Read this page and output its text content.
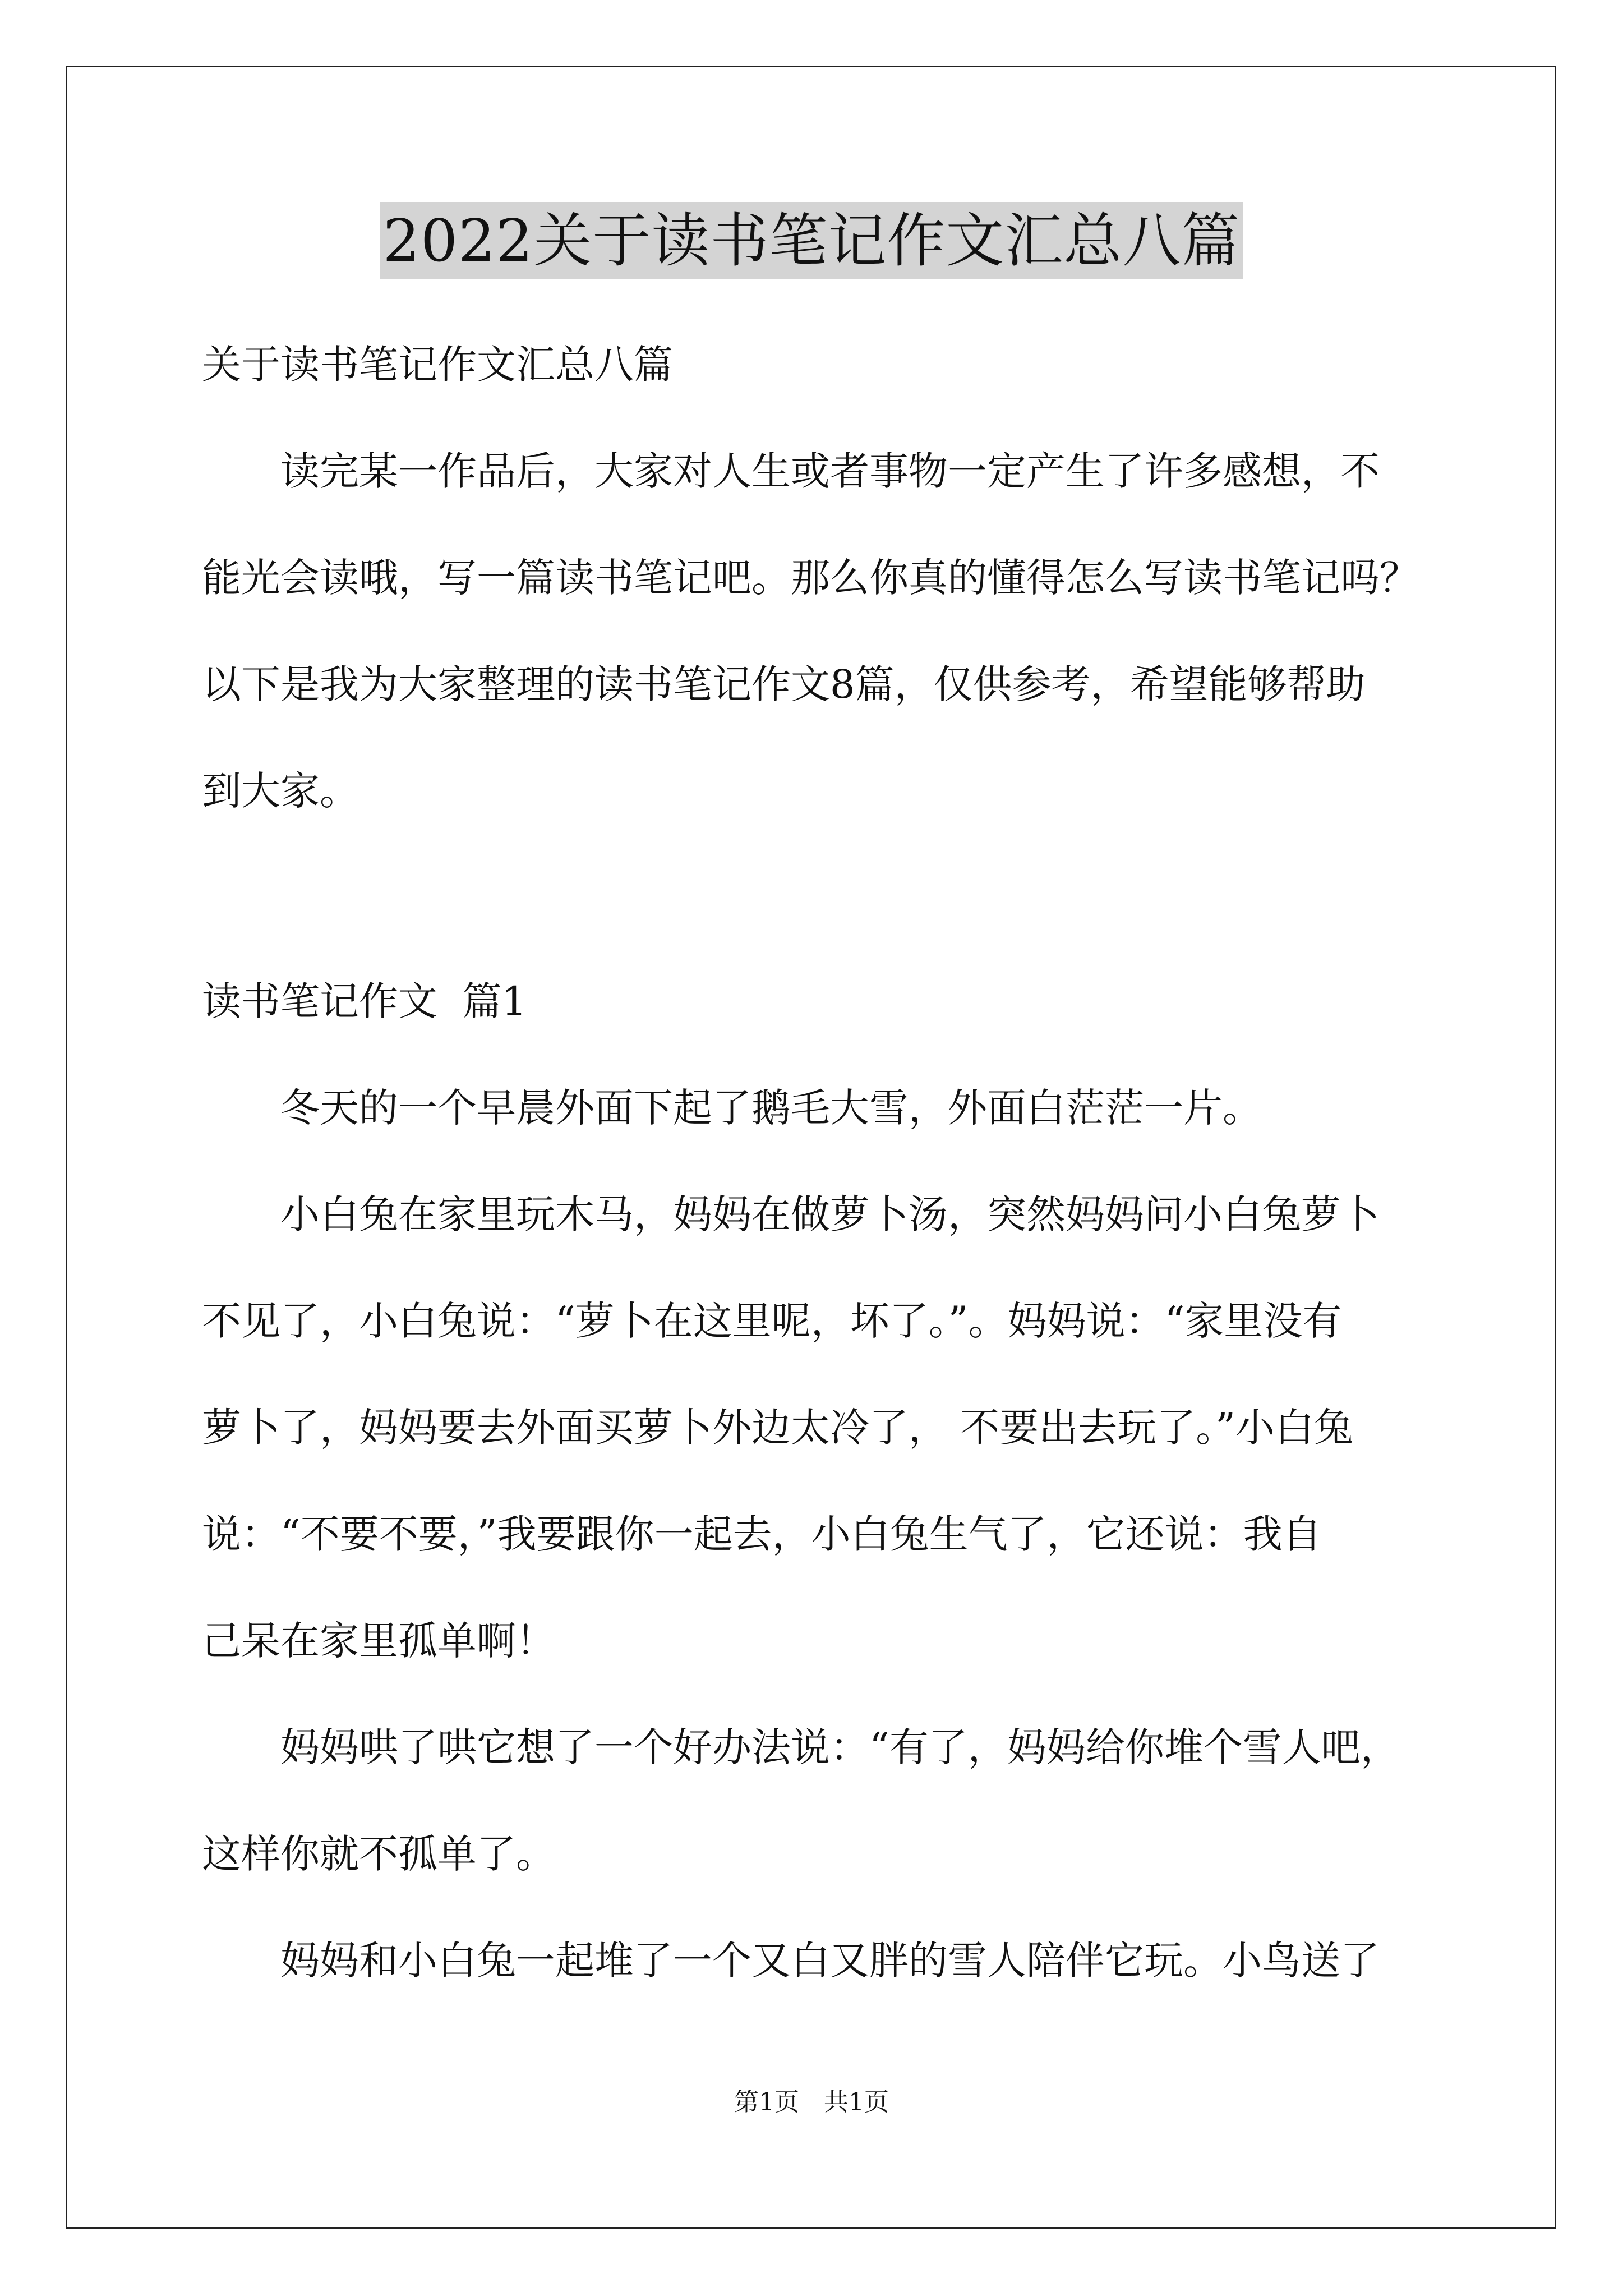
2022关于读书笔记作文汇总八篇
关于读书笔记作文汇总八篇
读完某一作品后，大家对人生或者事物一定产生了许多感想，不
能光会读哦，写一篇读书笔记吧。那么你真的懂得怎么写读书笔记吗？
以下是我为大家整理的读书笔记作文8篇，仅供参考，希望能够帮助
到大家。
读书笔记作文  篇1
冬天的一个早晨外面下起了鹅毛大雪，外面白茫茫一片。
小白兔在家里玩木马，妈妈在做萝卜汤，突然妈妈问小白兔萝卜
不见了，小白兔说：“萝卜在这里呢，坏了。”。妈妈说：“家里没有
萝卜了，妈妈要去外面买萝卜外边太冷了， 不要出去玩了。”小白兔
说：“不要不要，”我要跟你一起去，小白兔生气了，它还说：我自
己呆在家里孤单啊！
妈妈哄了哄它想了一个好办法说：“有了，妈妈给你堆个雪人吧，
这样你就不孤单了。
妈妈和小白兔一起堆了一个又白又胖的雪人陪伴它玩。小鸟送了
第1页　共1页
